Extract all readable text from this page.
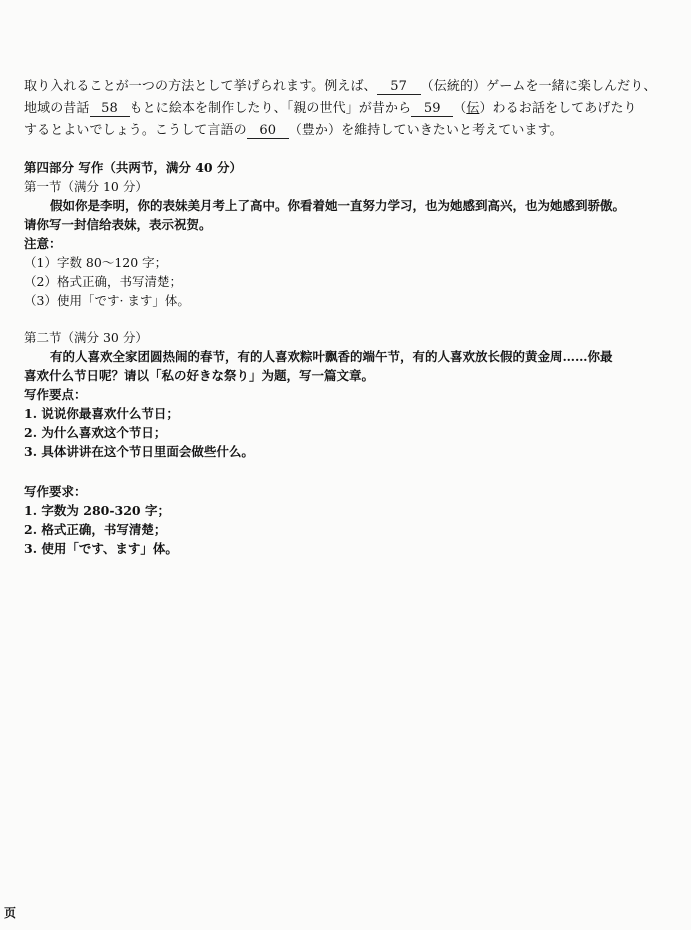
取り入れることが一つの方法として挙げられます。例えば、 57 （伝統的）ゲームを一緒に楽しんだり、

地域の昔話 58 もとに絵本を制作したり、「親の世代」が昔から 59 （伝）わるお話をしてあげたり

するとよいでしょう。こうして言語の 60 （豊か）を維持していきたいと考えています。

第四部分 写作（共两节，满分 40 分）

第一节（满分 10 分）

假如你是李明，你的表妹美月考上了高中。你看着她一直努力学习，也为她感到高兴，也为她感到骄傲。

请你写一封信给表妹，表示祝贺。

注意：

（1）字数 80～120 字；

（2）格式正确，书写清楚；

（3）使用「です· ます」体。

第二节（满分 30 分）

有的人喜欢全家团圆热闹的春节，有的人喜欢粽叶飘香的端午节，有的人喜欢放长假的黄金周……你最

喜欢什么节日呢？请以「私の好きな祭り」为题，写一篇文章。

写作要点：

1. 说说你最喜欢什么节日；

2. 为什么喜欢这个节日；

3. 具体讲讲在这个节日里面会做些什么。

写作要求：

1. 字数为 280-320 字；

2. 格式正确，书写清楚；

3. 使用「です、ます」体。

页
